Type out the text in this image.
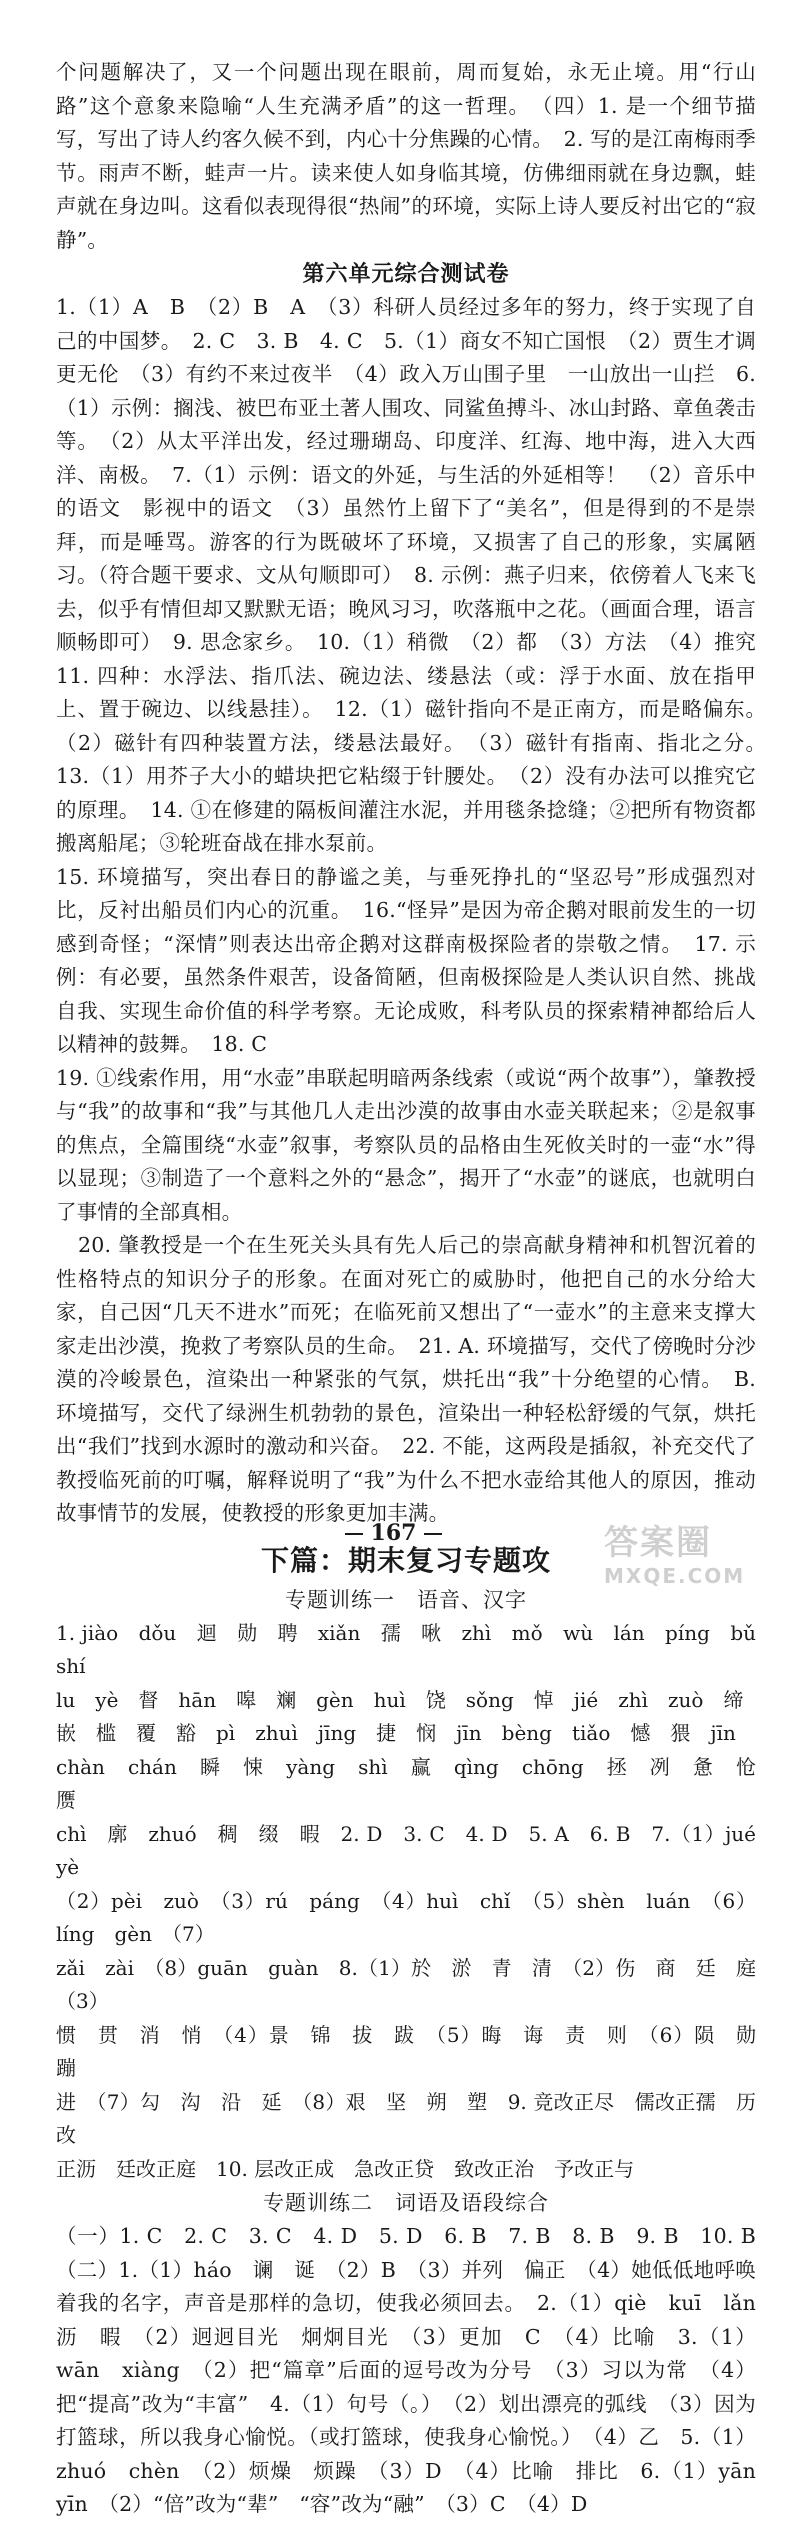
个问题解决了，又一个问题出现在眼前，周而复始，永无止境。用“行山路”这个意象来隐喻“人生充满矛盾”的这一哲理。　（四）1. 是一个细节描写，写出了诗人约客久候不到，内心十分焦躁的心情。　2. 写的是江南梅雨季节。雨声不断，蛙声一片。读来使人如身临其境，仿佛细雨就在身边飘，蛙声就在身边叫。这看似表现得很“热闹”的环境，实际上诗人要反衬出它的“寂静”。

第六单元综合测试卷

1.（1）A　B　（2）B　A　（3）科研人员经过多年的努力，终于实现了自己的中国梦。　2. C　3. B　4. C　5.（1）商女不知亡国恨　（2）贾生才调更无伦　（3）有约不来过夜半　（4）政入万山围子里　一山放出一山拦　6.（1）示例：搁浅、被巴布亚土著人围攻、同鲨鱼搏斗、冰山封路、章鱼袭击等。　（2）从太平洋出发，经过珊瑚岛、印度洋、红海、地中海，进入大西洋、南极。　7.（1）示例：语文的外延，与生活的外延相等！　（2）音乐中的语文　影视中的语文　（3）虽然竹上留下了“美名”，但是得到的不是崇拜，而是唾骂。游客的行为既破坏了环境，又损害了自己的形象，实属陋习。（符合题干要求、文从句顺即可）　8. 示例：燕子归来，依傍着人飞来飞去，似乎有情但却又默默无语；晚风习习，吹落瓶中之花。（画面合理，语言顺畅即可）　9. 思念家乡。　10.（1）稍微　（2）都　（3）方法　（4）推究　11. 四种：水浮法、指爪法、碗边法、缕悬法（或：浮于水面、放在指甲上、置于碗边、以线悬挂）。　12.（1）磁针指向不是正南方，而是略偏东。　（2）磁针有四种装置方法，缕悬法最好。　（3）磁针有指南、指北之分。　13.（1）用芥子大小的蜡块把它粘缀于针腰处。　（2）没有办法可以推究它的原理。　14. ①在修建的隔板间灌注水泥，并用毯条捻缝；②把所有物资都搬离船尾；③轮班奋战在排水泵前。

15. 环境描写，突出春日的静谧之美，与垂死挣扎的“坚忍号”形成强烈对比，反衬出船员们内心的沉重。　16.“怪异”是因为帝企鹅对眼前发生的一切感到奇怪；“深情”则表达出帝企鹅对这群南极探险者的崇敬之情。　17. 示例：有必要，虽然条件艰苦，设备简陋，但南极探险是人类认识自然、挑战自我、实现生命价值的科学考察。无论成败，科考队员的探索精神都给后人以精神的鼓舞。　18. C

19. ①线索作用，用“水壶”串联起明暗两条线索（或说“两个故事”），肇教授与“我”的故事和“我”与其他几人走出沙漠的故事由水壶关联起来；②是叙事的焦点，全篇围绕“水壶”叙事，考察队员的品格由生死攸关时的一壶“水”得以显现；③制造了一个意料之外的“悬念”，揭开了“水壶”的谜底，也就明白了事情的全部真相。

20. 肇教授是一个在生死关头具有先人后己的崇高献身精神和机智沉着的性格特点的知识分子的形象。在面对死亡的威胁时，他把自己的水分给大家，自己因“几天不进水”而死；在临死前又想出了“一壶水”的主意来支撑大家走出沙漠，挽救了考察队员的生命。　21. A. 环境描写，交代了傍晚时分沙漠的冷峻景色，渲染出一种紧张的气氛，烘托出“我”十分绝望的心情。　B. 环境描写，交代了绿洲生机勃勃的景色，渲染出一种轻松舒缓的气氛，烘托出“我们”找到水源时的激动和兴奋。　22. 不能，这两段是插叙，补充交代了教授临死前的叮嘱，解释说明了“我”为什么不把水壶给其他人的原因，推动故事情节的发展，使教授的形象更加丰满。

下篇：期末复习专题攻

专题训练一　语音、汉字

1. jiào　dǒu　迴　勋　聘　xiǎn　孺　啾　zhì　mǒ　wù　lán　píng　bǔ　shí
lu　yè　督　hān　嗥　斓　gèn　huì　饶　sǒng　悼　jié　zhì　zuò　缔
嵌　槛　覆　豁　pì　zhuì　jīng　捷　悯　jīn　bèng　tiǎo　憾　猥　jīn
chàn　chán　瞬　悚　yàng　shì　赢　qìng　chōng　拯　冽　惫　怆　赝
chì　廓　zhuó　稠　缀　暇　2. D　3. C　4. D　5. A　6. B　7.（1）jué　yè
（2）pèi　zuò　（3）rú　páng　（4）huì　chǐ　（5）shèn　luán　（6）líng　gèn　（7）
zǎi　zài　（8）guān　guàn　8.（1）於　淤　青　清　（2）伤　商　廷　庭　（3）
惯　贯　消　悄　（4）景　锦　拔　跋　（5）晦　诲　责　则　（6）陨　勋　蹦
进　（7）勾　沟　沿　延　（8）艰　坚　朔　塑　9. 竞改正尽　儒改正孺　历改
正沥　廷改正庭　10. 层改正成　急改正贷　致改正治　予改正与

专题训练二　词语及语段综合

（一）1. C　2. C　3. C　4. D　5. D　6. B　7. B　8. B　9. B　10. B　（二）1.（1）háo　谰　诞　（2）B　（3）并列　偏正　（4）她低低地呼唤着我的名字，声音是那样的急切，使我必须回去。　2.（1）qiè　kuī　lǎn　沥　暇　（2）迥迥目光　炯炯目光　（3）更加　C　（4）比喻　3.（1）wān　xiàng　（2）把“篇章”后面的逗号改为分号　（3）习以为常　（4）把“提高”改为“丰富”　4.（1）句号（。）　（2）划出漂亮的弧线　（3）因为打篮球，所以我身心愉悦。（或打篮球，使我身心愉悦。）　（4）乙　5.（1）zhuó　chèn　（2）烦燥　烦躁　（3）D　（4）比喻　排比　6.（1）yān　yīn　（2）“倍”改为“辈”　“容”改为“融”　（3）C　（4）D

167	答案圈
MXQE.COM
